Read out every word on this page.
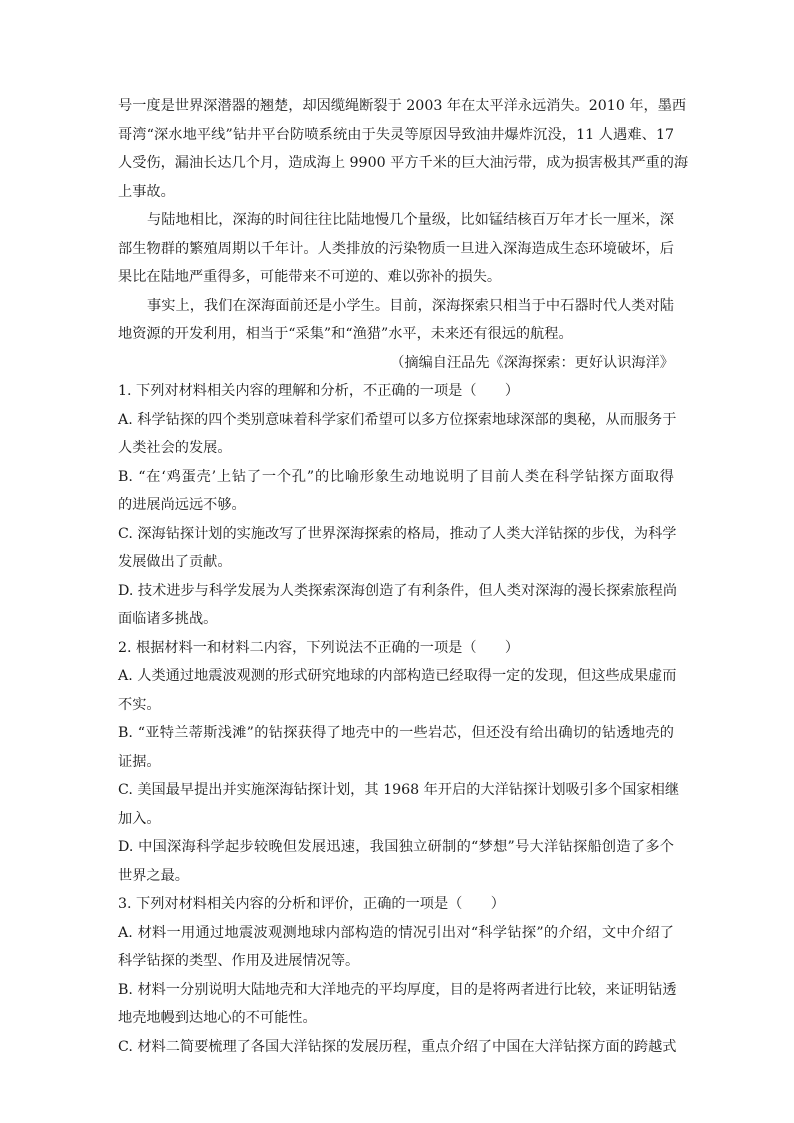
号一度是世界深潜器的翘楚，却因缆绳断裂于 2003 年在太平洋永远消失。2010 年，墨西
哥湾“深水地平线”钻井平台防喷系统由于失灵等原因导致油井爆炸沉没，11 人遇难、17
人受伤，漏油长达几个月，造成海上 9900 平方千米的巨大油污带，成为损害极其严重的海
上事故。
与陆地相比，深海的时间往往比陆地慢几个量级，比如锰结核百万年才长一厘米，深
部生物群的繁殖周期以千年计。人类排放的污染物质一旦进入深海造成生态环境破坏，后
果比在陆地严重得多，可能带来不可逆的、难以弥补的损失。
事实上，我们在深海面前还是小学生。目前，深海探索只相当于中石器时代人类对陆
地资源的开发利用，相当于“采集”和“渔猎”水平，未来还有很远的航程。
（摘编自汪品先《深海探索：更好认识海洋》
1. 下列对材料相关内容的理解和分析，不正确的一项是（　　）
A. 科学钻探的四个类别意味着科学家们希望可以多方位探索地球深部的奥秘，从而服务于
人类社会的发展。
B. “在‘鸡蛋壳’上钻了一个孔”的比喻形象生动地说明了目前人类在科学钻探方面取得
的进展尚远远不够。
C. 深海钻探计划的实施改写了世界深海探索的格局，推动了人类大洋钻探的步伐，为科学
发展做出了贡献。
D. 技术进步与科学发展为人类探索深海创造了有利条件，但人类对深海的漫长探索旅程尚
面临诸多挑战。
2. 根据材料一和材料二内容，下列说法不正确的一项是（　　）
A. 人类通过地震波观测的形式研究地球的内部构造已经取得一定的发现，但这些成果虚而
不实。
B. “亚特兰蒂斯浅滩”的钻探获得了地壳中的一些岩芯，但还没有给出确切的钻透地壳的
证据。
C. 美国最早提出并实施深海钻探计划，其 1968 年开启的大洋钻探计划吸引多个国家相继
加入。
D. 中国深海科学起步较晚但发展迅速，我国独立研制的“梦想”号大洋钻探船创造了多个
世界之最。
3. 下列对材料相关内容的分析和评价，正确的一项是（　　）
A. 材料一用通过地震波观测地球内部构造的情况引出对“科学钻探”的介绍，文中介绍了
科学钻探的类型、作用及进展情况等。
B. 材料一分别说明大陆地壳和大洋地壳的平均厚度，目的是将两者进行比较，来证明钻透
地壳地幔到达地心的不可能性。
C. 材料二简要梳理了各国大洋钻探的发展历程，重点介绍了中国在大洋钻探方面的跨越式
